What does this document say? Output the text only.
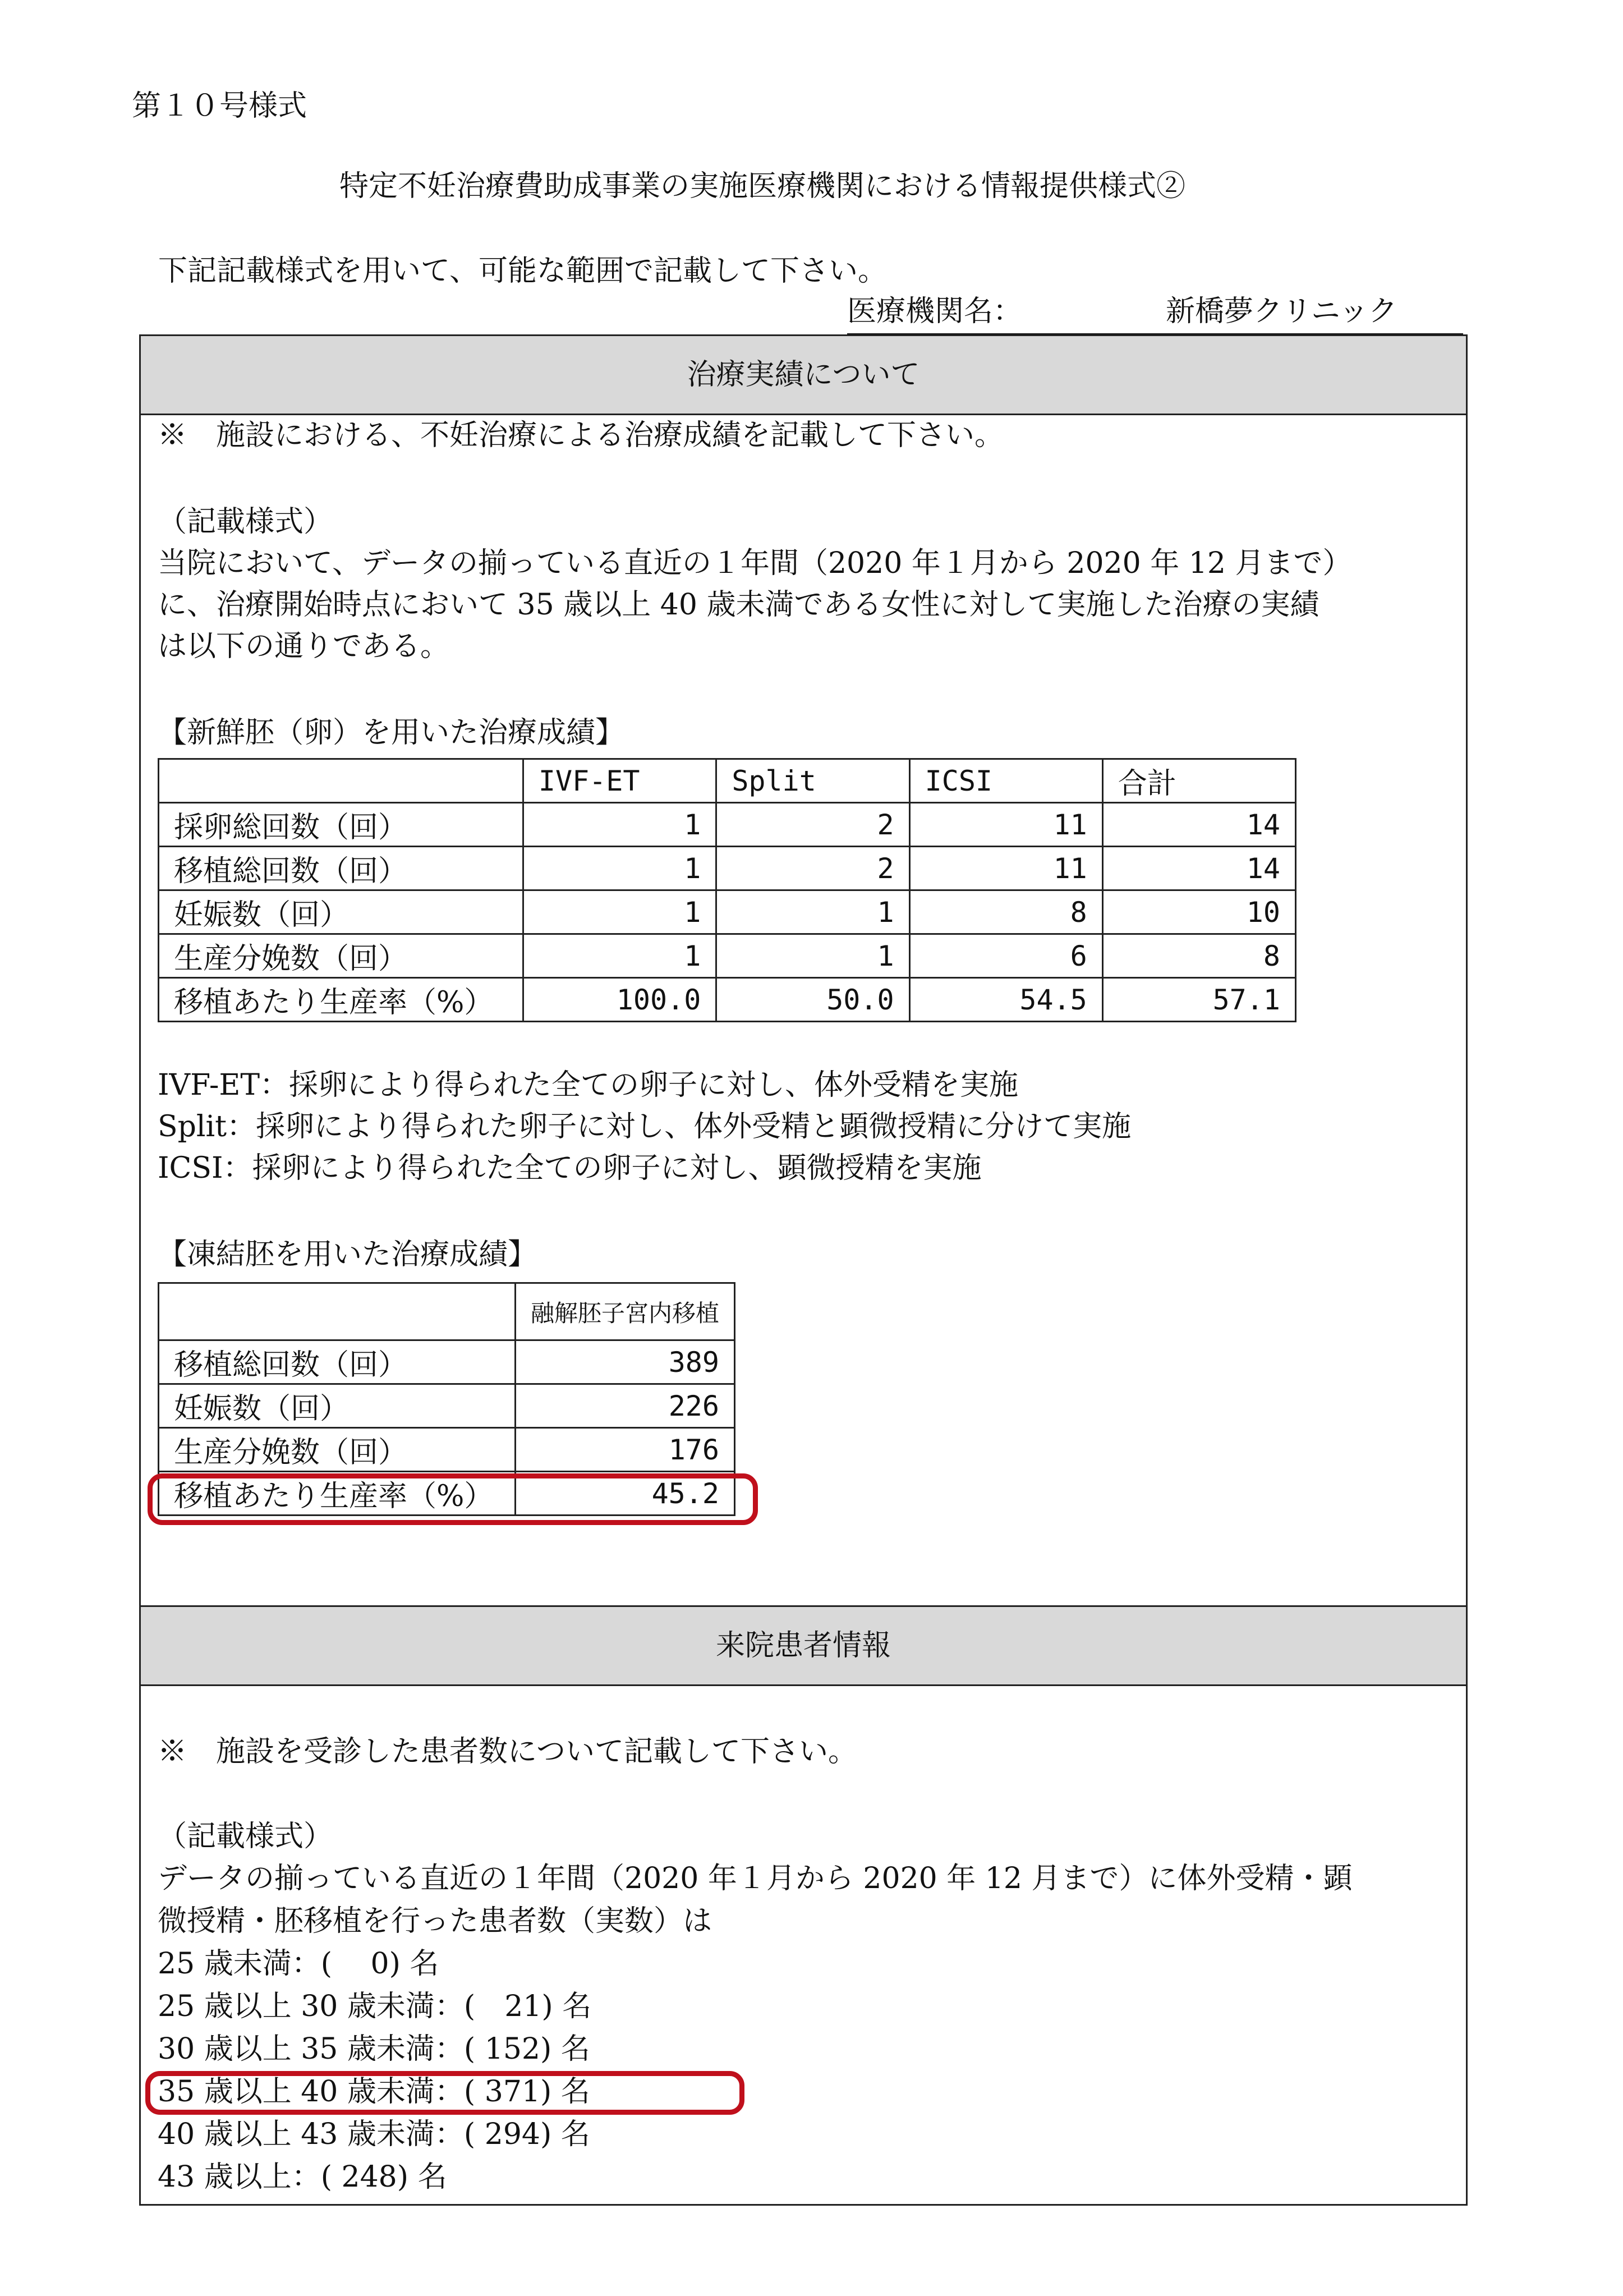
第１０号様式
特定不妊治療費助成事業の実施医療機関における情報提供様式②
下記記載様式を用いて、可能な範囲で記載して下さい。
医療機関名：	新橋夢クリニック
治療実績について
※　施設における、不妊治療による治療成績を記載して下さい。
（記載様式）
当院において、データの揃っている直近の１年間（2020 年１月から 2020 年 12 月まで）
に、治療開始時点において 35 歳以上 40 歳未満である女性に対して実施した治療の実績
は以下の通りである。
【新鮮胚（卵）を用いた治療成績】
	IVF-ET	Split	ICSI	合計
採卵総回数（回）	1	2	11	14
移植総回数（回）	1	2	11	14
妊娠数（回）	1	1	8	10
生産分娩数（回）	1	1	6	8
移植あたり生産率（%）	100.0	50.0	54.5	57.1
IVF-ET：採卵により得られた全ての卵子に対し、体外受精を実施
Split：採卵により得られた卵子に対し、体外受精と顕微授精に分けて実施
ICSI：採卵により得られた全ての卵子に対し、顕微授精を実施
【凍結胚を用いた治療成績】
	融解胚子宮内移植
移植総回数（回）	389
妊娠数（回）	226
生産分娩数（回）	176
移植あたり生産率（%）	45.2
来院患者情報
※　施設を受診した患者数について記載して下さい。
（記載様式）
データの揃っている直近の１年間（2020 年１月から 2020 年 12 月まで）に体外受精・顕
微授精・胚移植を行った患者数（実数）は
25 歳未満：(　 0) 名
25 歳以上 30 歳未満：(　21) 名
30 歳以上 35 歳未満：( 152) 名
35 歳以上 40 歳未満：( 371) 名
40 歳以上 43 歳未満：( 294) 名
43 歳以上：( 248) 名
